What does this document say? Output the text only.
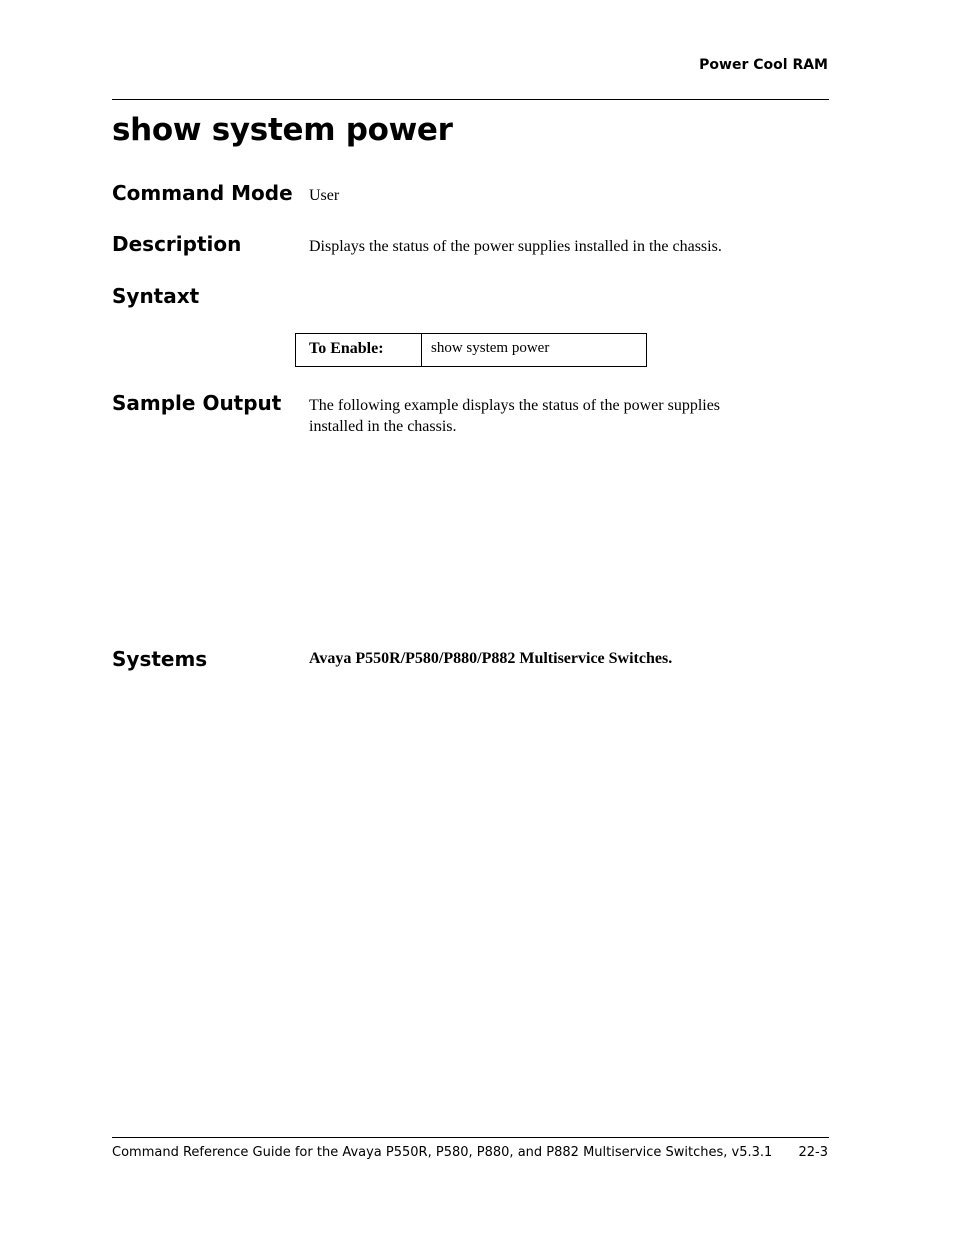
Power Cool RAM
show system power
Command Mode User

Description	Displays the status of the power supplies installed in the chassis.

Syntaxt
To Enable:	show system power
Sample Output The following example displays the status of the power supplies
installed in the chassis.

Systems	Avaya P550R/P580/P880/P882 Multiservice Switches.

Command Reference Guide for the Avaya P550R, P580, P880, and P882 Multiservice Switches, v5.3.1 22-3
